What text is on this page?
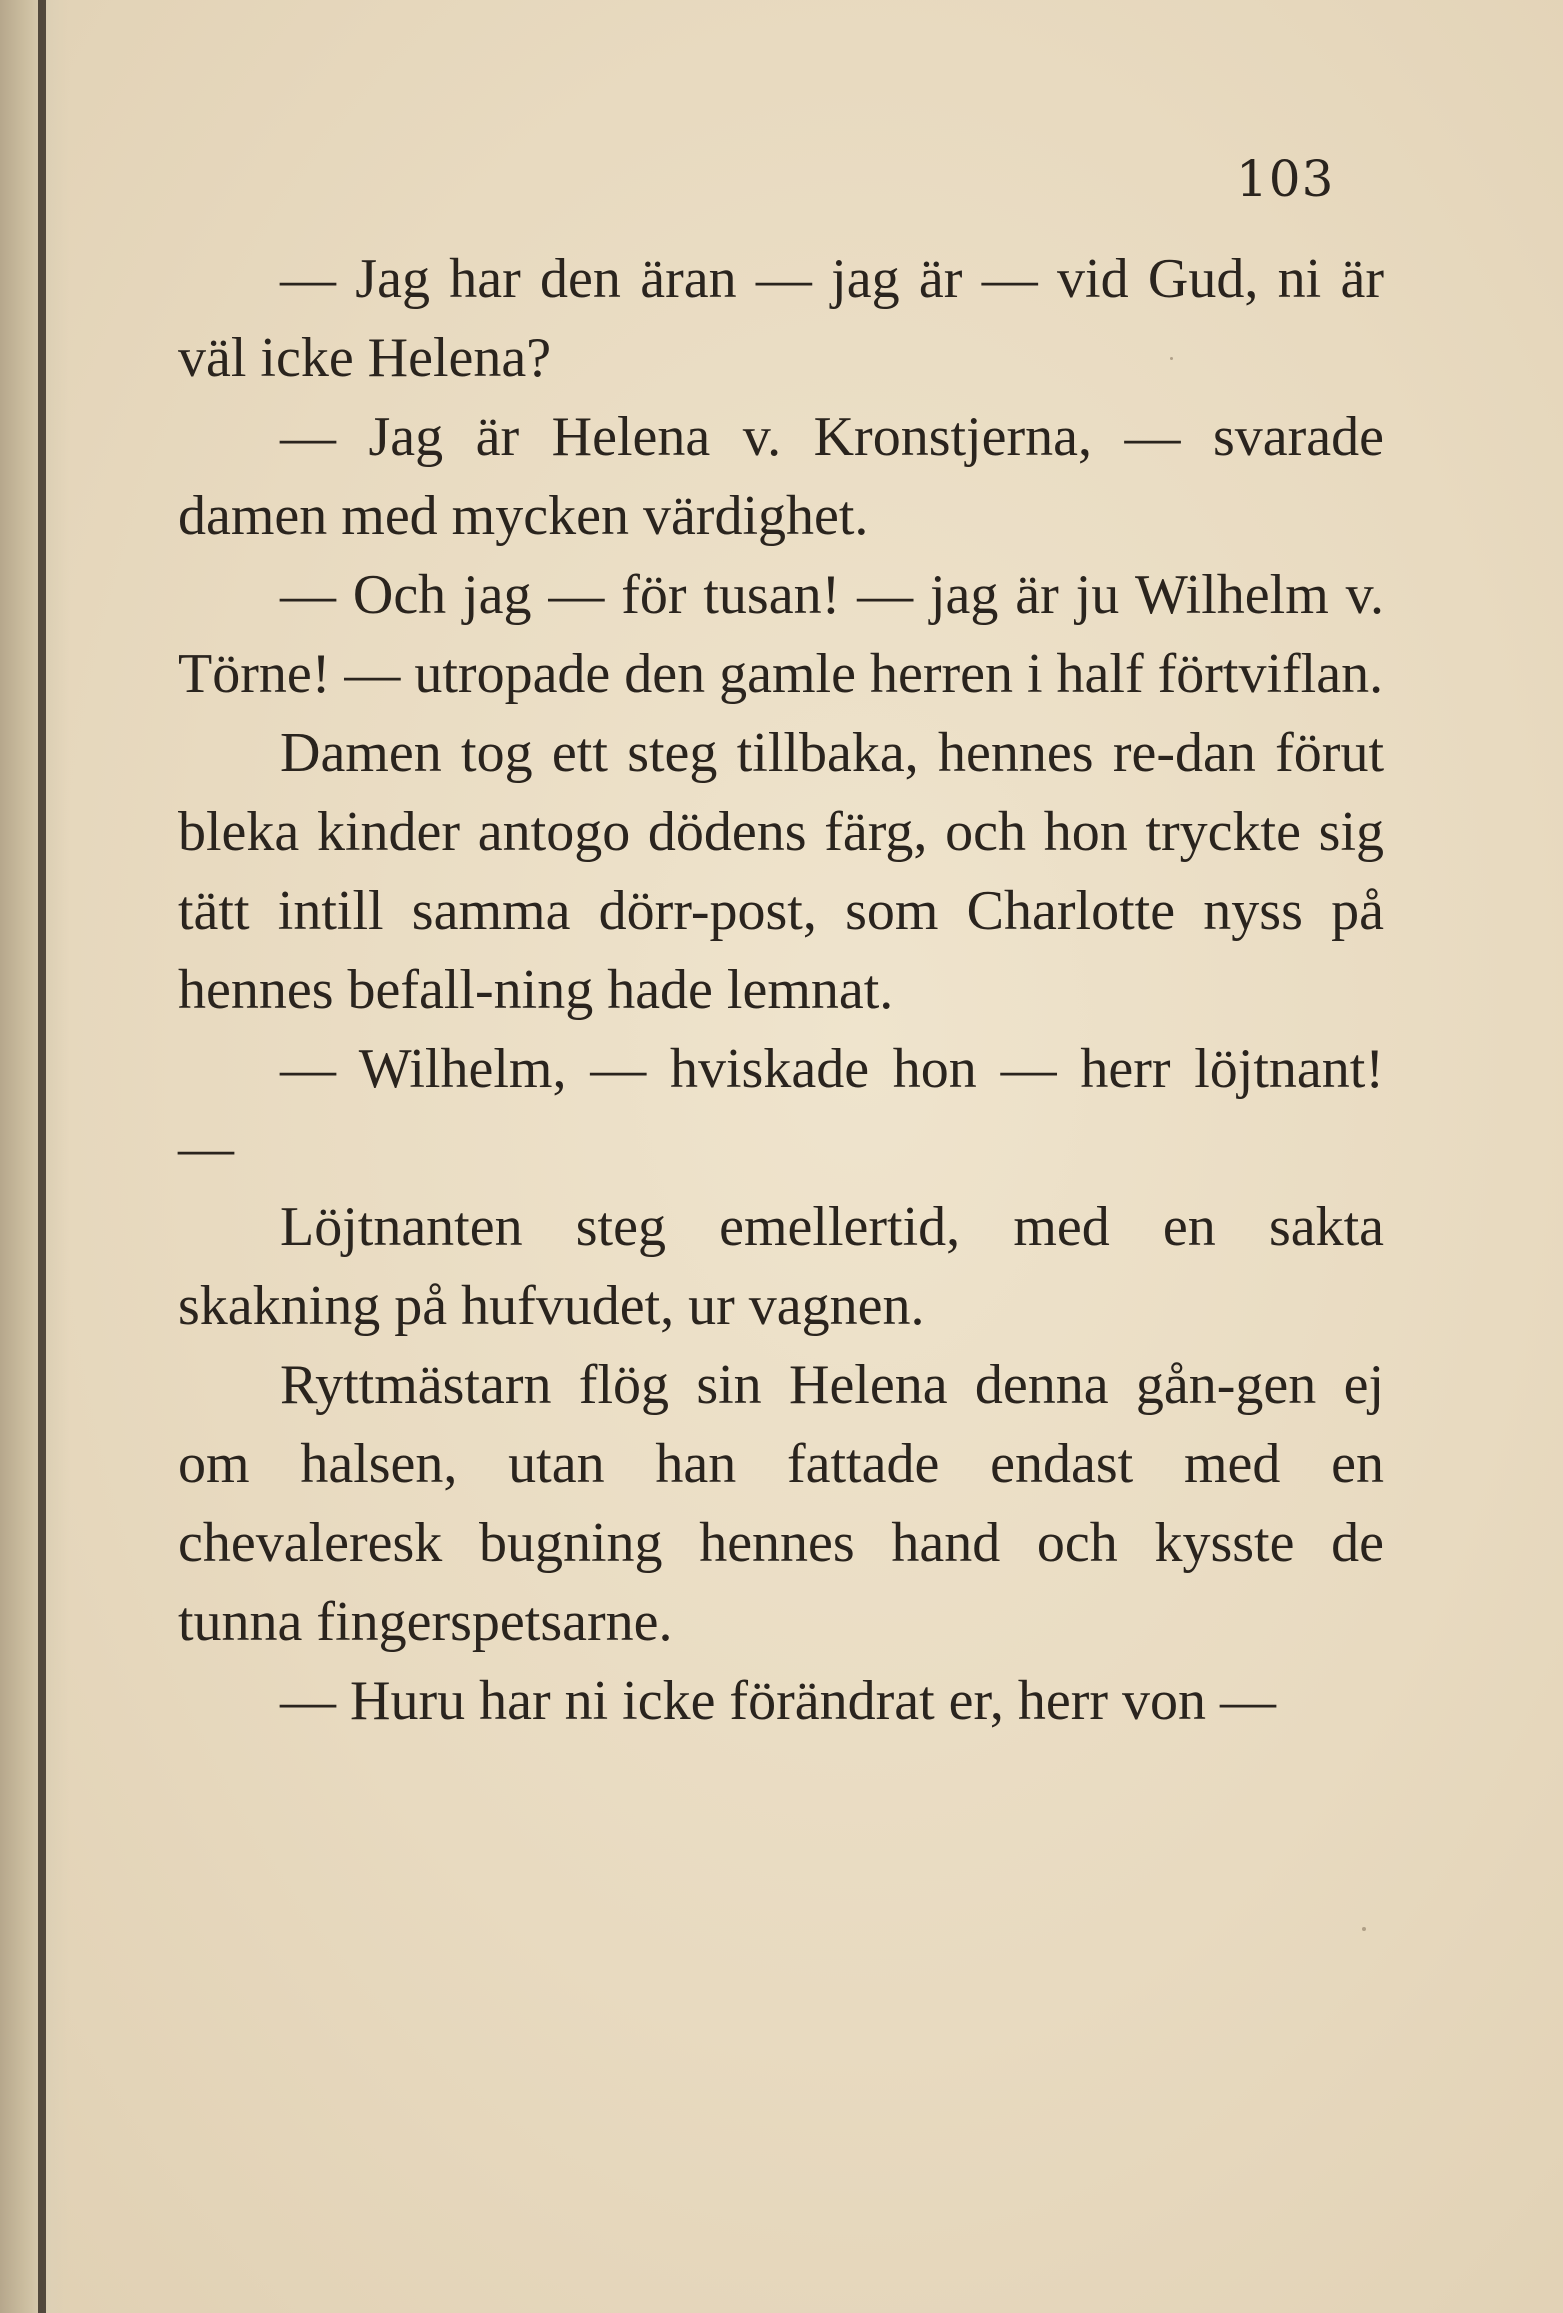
103

— Jag har den äran — jag är — vid Gud, ni är väl icke Helena?

— Jag är Helena v. Kronstjerna, — svarade damen med mycken värdighet.

— Och jag — för tusan! — jag är ju Wilhelm v. Törne! — utropade den gamle herren i half förtviflan.

Damen tog ett steg tillbaka, hennes re-dan förut bleka kinder antogo dödens färg, och hon tryckte sig tätt intill samma dörr-post, som Charlotte nyss på hennes befall-ning hade lemnat.

— Wilhelm, — hviskade hon — herr löjtnant! —

Löjtnanten steg emellertid, med en sakta skakning på hufvudet, ur vagnen.

Ryttmästarn flög sin Helena denna gån-gen ej om halsen, utan han fattade endast med en chevaleresk bugning hennes hand och kysste de tunna fingerspetsarne.

— Huru har ni icke förändrat er, herr von —
